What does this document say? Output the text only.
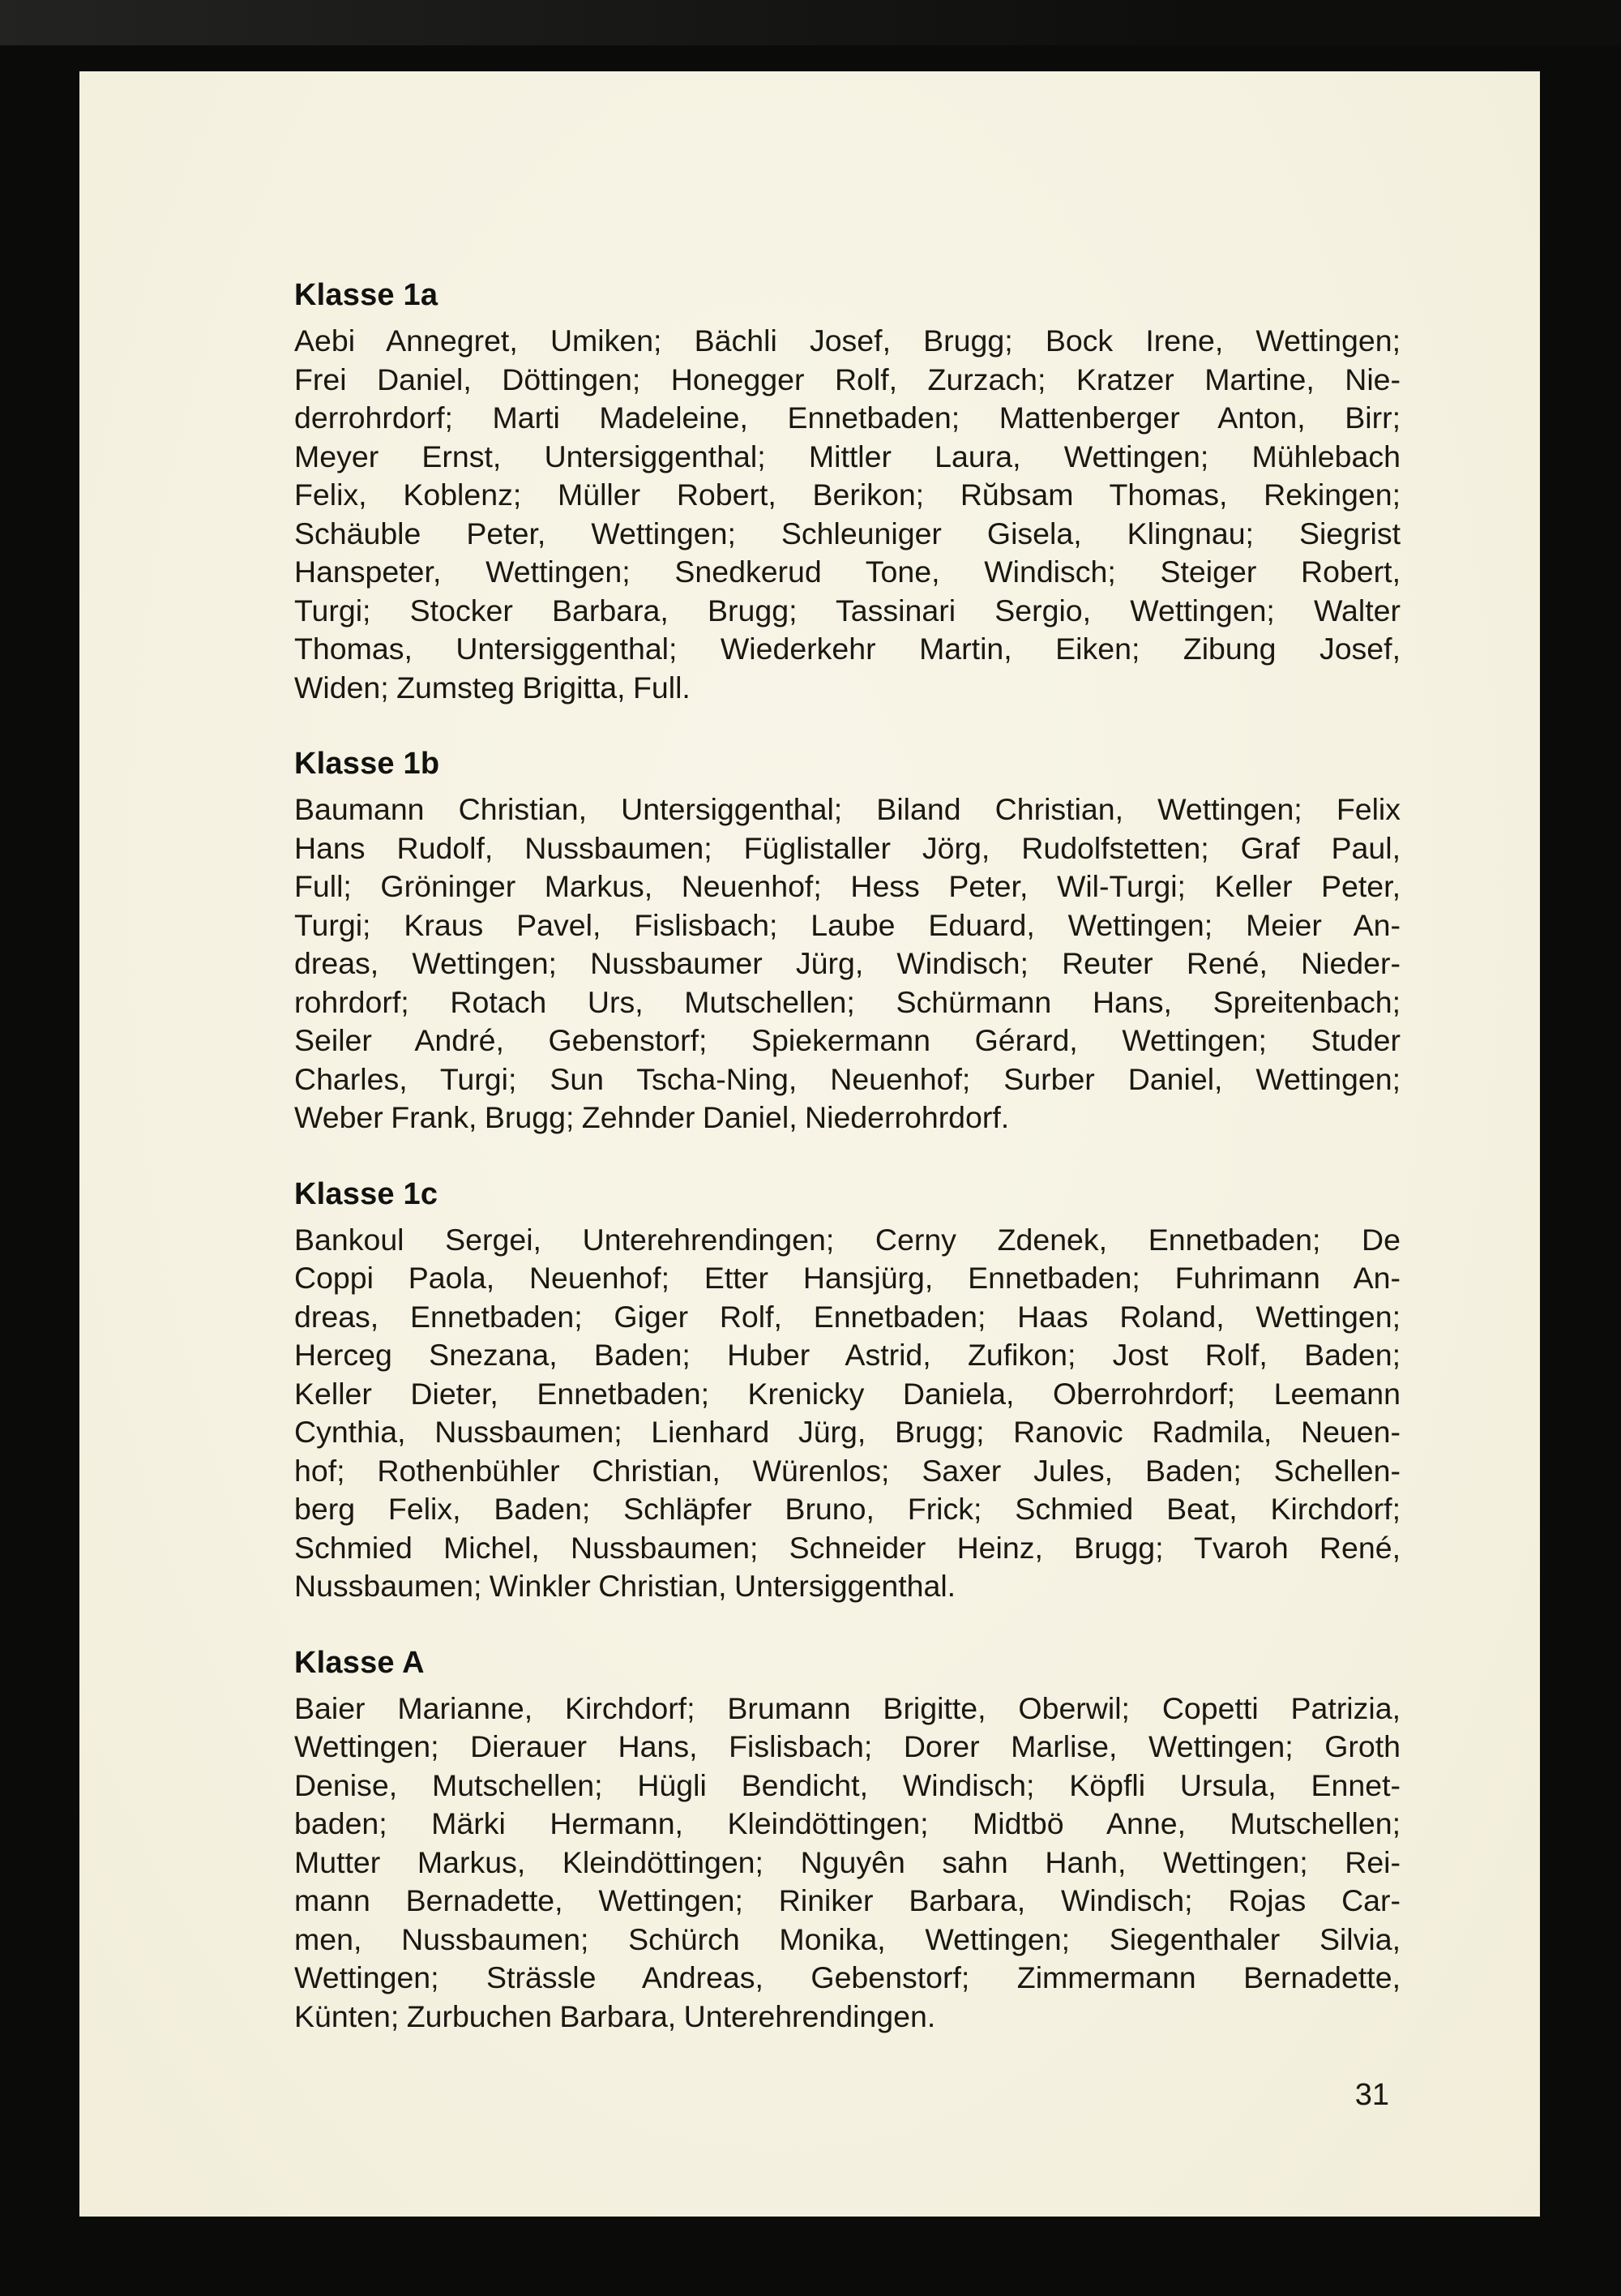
Klasse 1a
Aebi Annegret, Umiken; Bächli Josef, Brugg; Bock Irene, Wettingen;
Frei Daniel, Döttingen; Honegger Rolf, Zurzach; Kratzer Martine, Nie-
derrohrdorf; Marti Madeleine, Ennetbaden; Mattenberger Anton, Birr;
Meyer Ernst, Untersiggenthal; Mittler Laura, Wettingen; Mühlebach
Felix, Koblenz; Müller Robert, Berikon; Rŭbsam Thomas, Rekingen;
Schäuble Peter, Wettingen; Schleuniger Gisela, Klingnau; Siegrist
Hanspeter, Wettingen; Snedkerud Tone, Windisch; Steiger Robert,
Turgi; Stocker Barbara, Brugg; Tassinari Sergio, Wettingen; Walter
Thomas, Untersiggenthal; Wiederkehr Martin, Eiken; Zibung Josef,
Widen; Zumsteg Brigitta, Full.
Klasse 1b
Baumann Christian, Untersiggenthal; Biland Christian, Wettingen; Felix
Hans Rudolf, Nussbaumen; Füglistaller Jörg, Rudolfstetten; Graf Paul,
Full; Gröninger Markus, Neuenhof; Hess Peter, Wil-Turgi; Keller Peter,
Turgi; Kraus Pavel, Fislisbach; Laube Eduard, Wettingen; Meier An-
dreas, Wettingen; Nussbaumer Jürg, Windisch; Reuter René, Nieder-
rohrdorf; Rotach Urs, Mutschellen; Schürmann Hans, Spreitenbach;
Seiler André, Gebenstorf; Spiekermann Gérard, Wettingen; Studer
Charles, Turgi; Sun Tscha-Ning, Neuenhof; Surber Daniel, Wettingen;
Weber Frank, Brugg; Zehnder Daniel, Niederrohrdorf.
Klasse 1c
Bankoul Sergei, Unterehrendingen; Cerny Zdenek, Ennetbaden; De
Coppi Paola, Neuenhof; Etter Hansjürg, Ennetbaden; Fuhrimann An-
dreas, Ennetbaden; Giger Rolf, Ennetbaden; Haas Roland, Wettingen;
Herceg Snezana, Baden; Huber Astrid, Zufikon; Jost Rolf, Baden;
Keller Dieter, Ennetbaden; Krenicky Daniela, Oberrohrdorf; Leemann
Cynthia, Nussbaumen; Lienhard Jürg, Brugg; Ranovic Radmila, Neuen-
hof; Rothenbühler Christian, Würenlos; Saxer Jules, Baden; Schellen-
berg Felix, Baden; Schläpfer Bruno, Frick; Schmied Beat, Kirchdorf;
Schmied Michel, Nussbaumen; Schneider Heinz, Brugg; Tvaroh René,
Nussbaumen; Winkler Christian, Untersiggenthal.
Klasse A
Baier Marianne, Kirchdorf; Brumann Brigitte, Oberwil; Copetti Patrizia,
Wettingen; Dierauer Hans, Fislisbach; Dorer Marlise, Wettingen; Groth
Denise, Mutschellen; Hügli Bendicht, Windisch; Köpfli Ursula, Ennet-
baden; Märki Hermann, Kleindöttingen; Midtbö Anne, Mutschellen;
Mutter Markus, Kleindöttingen; Nguyên sahn Hanh, Wettingen; Rei-
mann Bernadette, Wettingen; Riniker Barbara, Windisch; Rojas Car-
men, Nussbaumen; Schürch Monika, Wettingen; Siegenthaler Silvia,
Wettingen; Strässle Andreas, Gebenstorf; Zimmermann Bernadette,
Künten; Zurbuchen Barbara, Unterehrendingen.
31
